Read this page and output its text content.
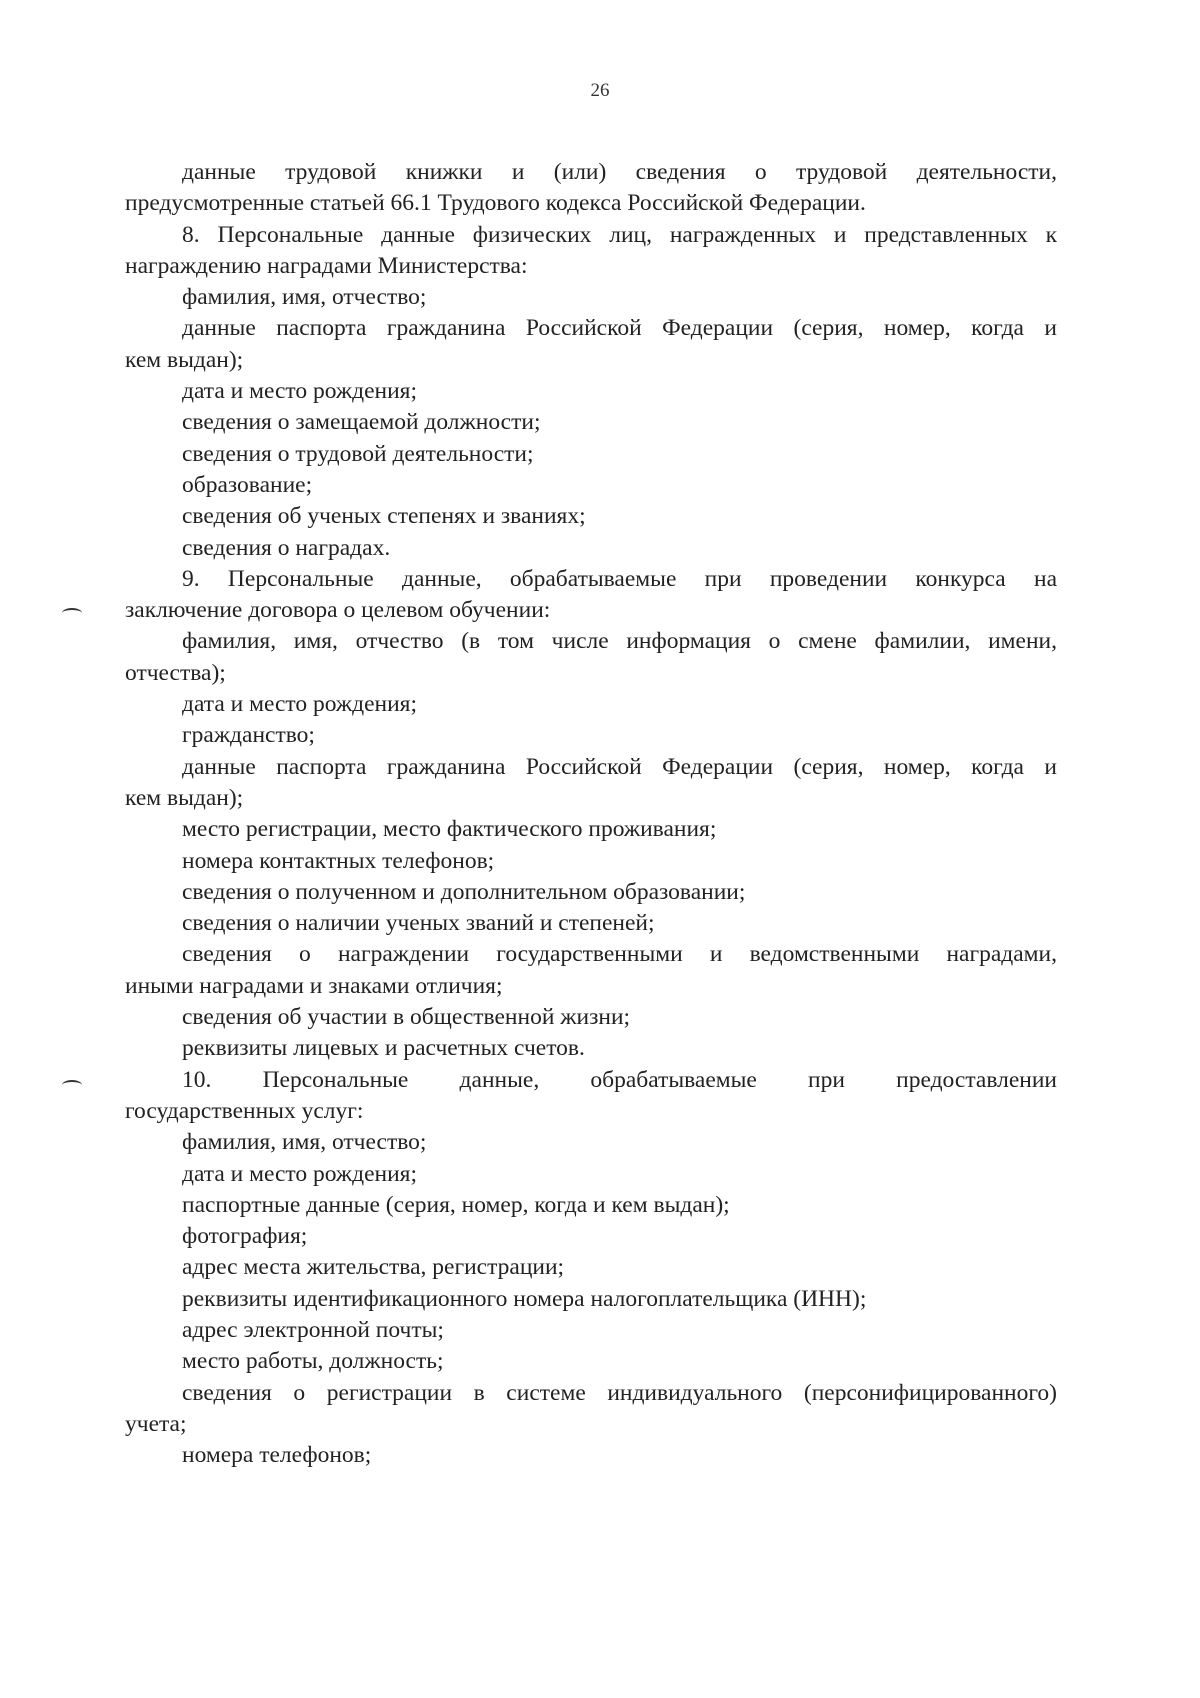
26
данные трудовой книжки и (или) сведения о трудовой деятельности,
предусмотренные статьей 66.1 Трудового кодекса Российской Федерации.
8. Персональные данные физических лиц, награжденных и представленных к
награждению наградами Министерства:
фамилия, имя, отчество;
данные паспорта гражданина Российской Федерации (серия, номер, когда и
кем выдан);
дата и место рождения;
сведения о замещаемой должности;
сведения о трудовой деятельности;
образование;
сведения об ученых степенях и званиях;
сведения о наградах.
9. Персональные данные, обрабатываемые при проведении конкурса на
заключение договора о целевом обучении:
фамилия, имя, отчество (в том числе информация о смене фамилии, имени,
отчества);
дата и место рождения;
гражданство;
данные паспорта гражданина Российской Федерации (серия, номер, когда и
кем выдан);
место регистрации, место фактического проживания;
номера контактных телефонов;
сведения о полученном и дополнительном образовании;
сведения о наличии ученых званий и степеней;
сведения о награждении государственными и ведомственными наградами,
иными наградами и знаками отличия;
сведения об участии в общественной жизни;
реквизиты лицевых и расчетных счетов.
10. Персональные данные, обрабатываемые при предоставлении
государственных услуг:
фамилия, имя, отчество;
дата и место рождения;
паспортные данные (серия, номер, когда и кем выдан);
фотография;
адрес места жительства, регистрации;
реквизиты идентификационного номера налогоплательщика (ИНН);
адрес электронной почты;
место работы, должность;
сведения о регистрации в системе индивидуального (персонифицированного)
учета;
номера телефонов;
